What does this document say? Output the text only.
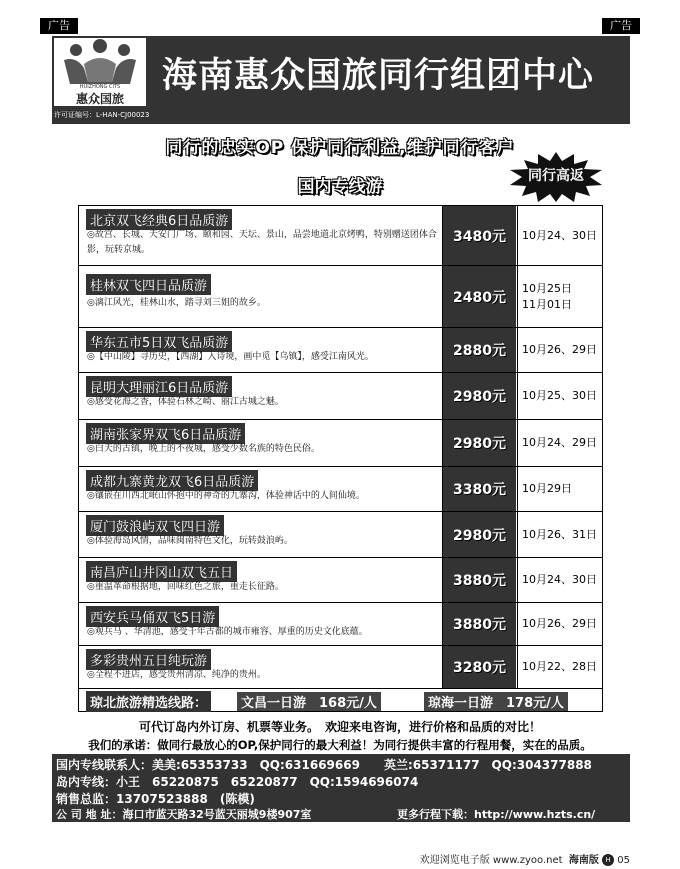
广告	广告
HUIZHONG CITS
惠众国旅
许可证编号：L-HAN-CJ00023
海南惠众国旅同行组团中心
同行的忠实OP 保护同行利益,维护同行客户
同行高返
国内专线游
北京双飞经典6日品质游
◎故宫、长城、天安门广场、颐和园、天坛、景山，品尝地道北京烤鸭，特别赠送团体合影，玩转京城。
3480元 10月24、30日
桂林双飞四日品质游
◎漓江风光，桂林山水，踏寻刘三姐的故乡。	2480元
10月25日
11月01日
华东五市5日双飞品质游
◎【中山陵】寻历史，【西湖】入诗境，画中觅【乌镇】，感受江南风光。	2880元 10月26、29日
昆明大理丽江6日品质游
◎感受花海之香，体验石林之崎、丽江古城之魅。	2980元 10月25、30日
湖南张家界双飞6日品质游
◎白天的古镇，晚上的不夜城，感受少数名族的特色民俗。	2980元 10月24、29日
成都九寨黄龙双飞6日品质游
◎镶嵌在川西北岷山怀抱中的神奇的九寨沟，体验神话中的人间仙境。	3380元 10月29日
厦门鼓浪屿双飞四日游
◎体验海岛风情，品味闽南特色文化，玩转鼓浪屿。	2980元 10月26、31日
南昌庐山井冈山双飞五日
◎重温革命根据地，回味红色之旅，重走长征路。	3880元 10月24、30日
西安兵马俑双飞5日游
◎观兵马 、华清池，感受千年古都的城市雍容、厚重的历史文化底蕴。	3880元 10月26、29日
多彩贵州五日纯玩游
◎全程不进店，感受贵州清凉、纯净的贵州。	3280元 10月22、28日
琼北旅游精选线路：	文昌一日游　168元/人	琼海一日游　178元/人
可代订岛内外订房、机票等业务。　欢迎来电咨询，进行价格和品质的对比！
我们的承诺：做同行最放心的OP,保护同行的最大利益！为同行提供丰富的行程用餐，实在的品质。
国内专线联系人：美美:65353733　QQ:631669669　　英兰:65371177　QQ:304377888
岛内专线：小王　65220875　65220877　QQ:1594696074
销售总监：13707523888　(陈模)
公 司 地 址：海口市蓝天路32号蓝天丽城9楼907室	更多行程下载：http://www.hzts.cn/
欢迎浏览电子版 www.zyoo.net 海南版 H 05
